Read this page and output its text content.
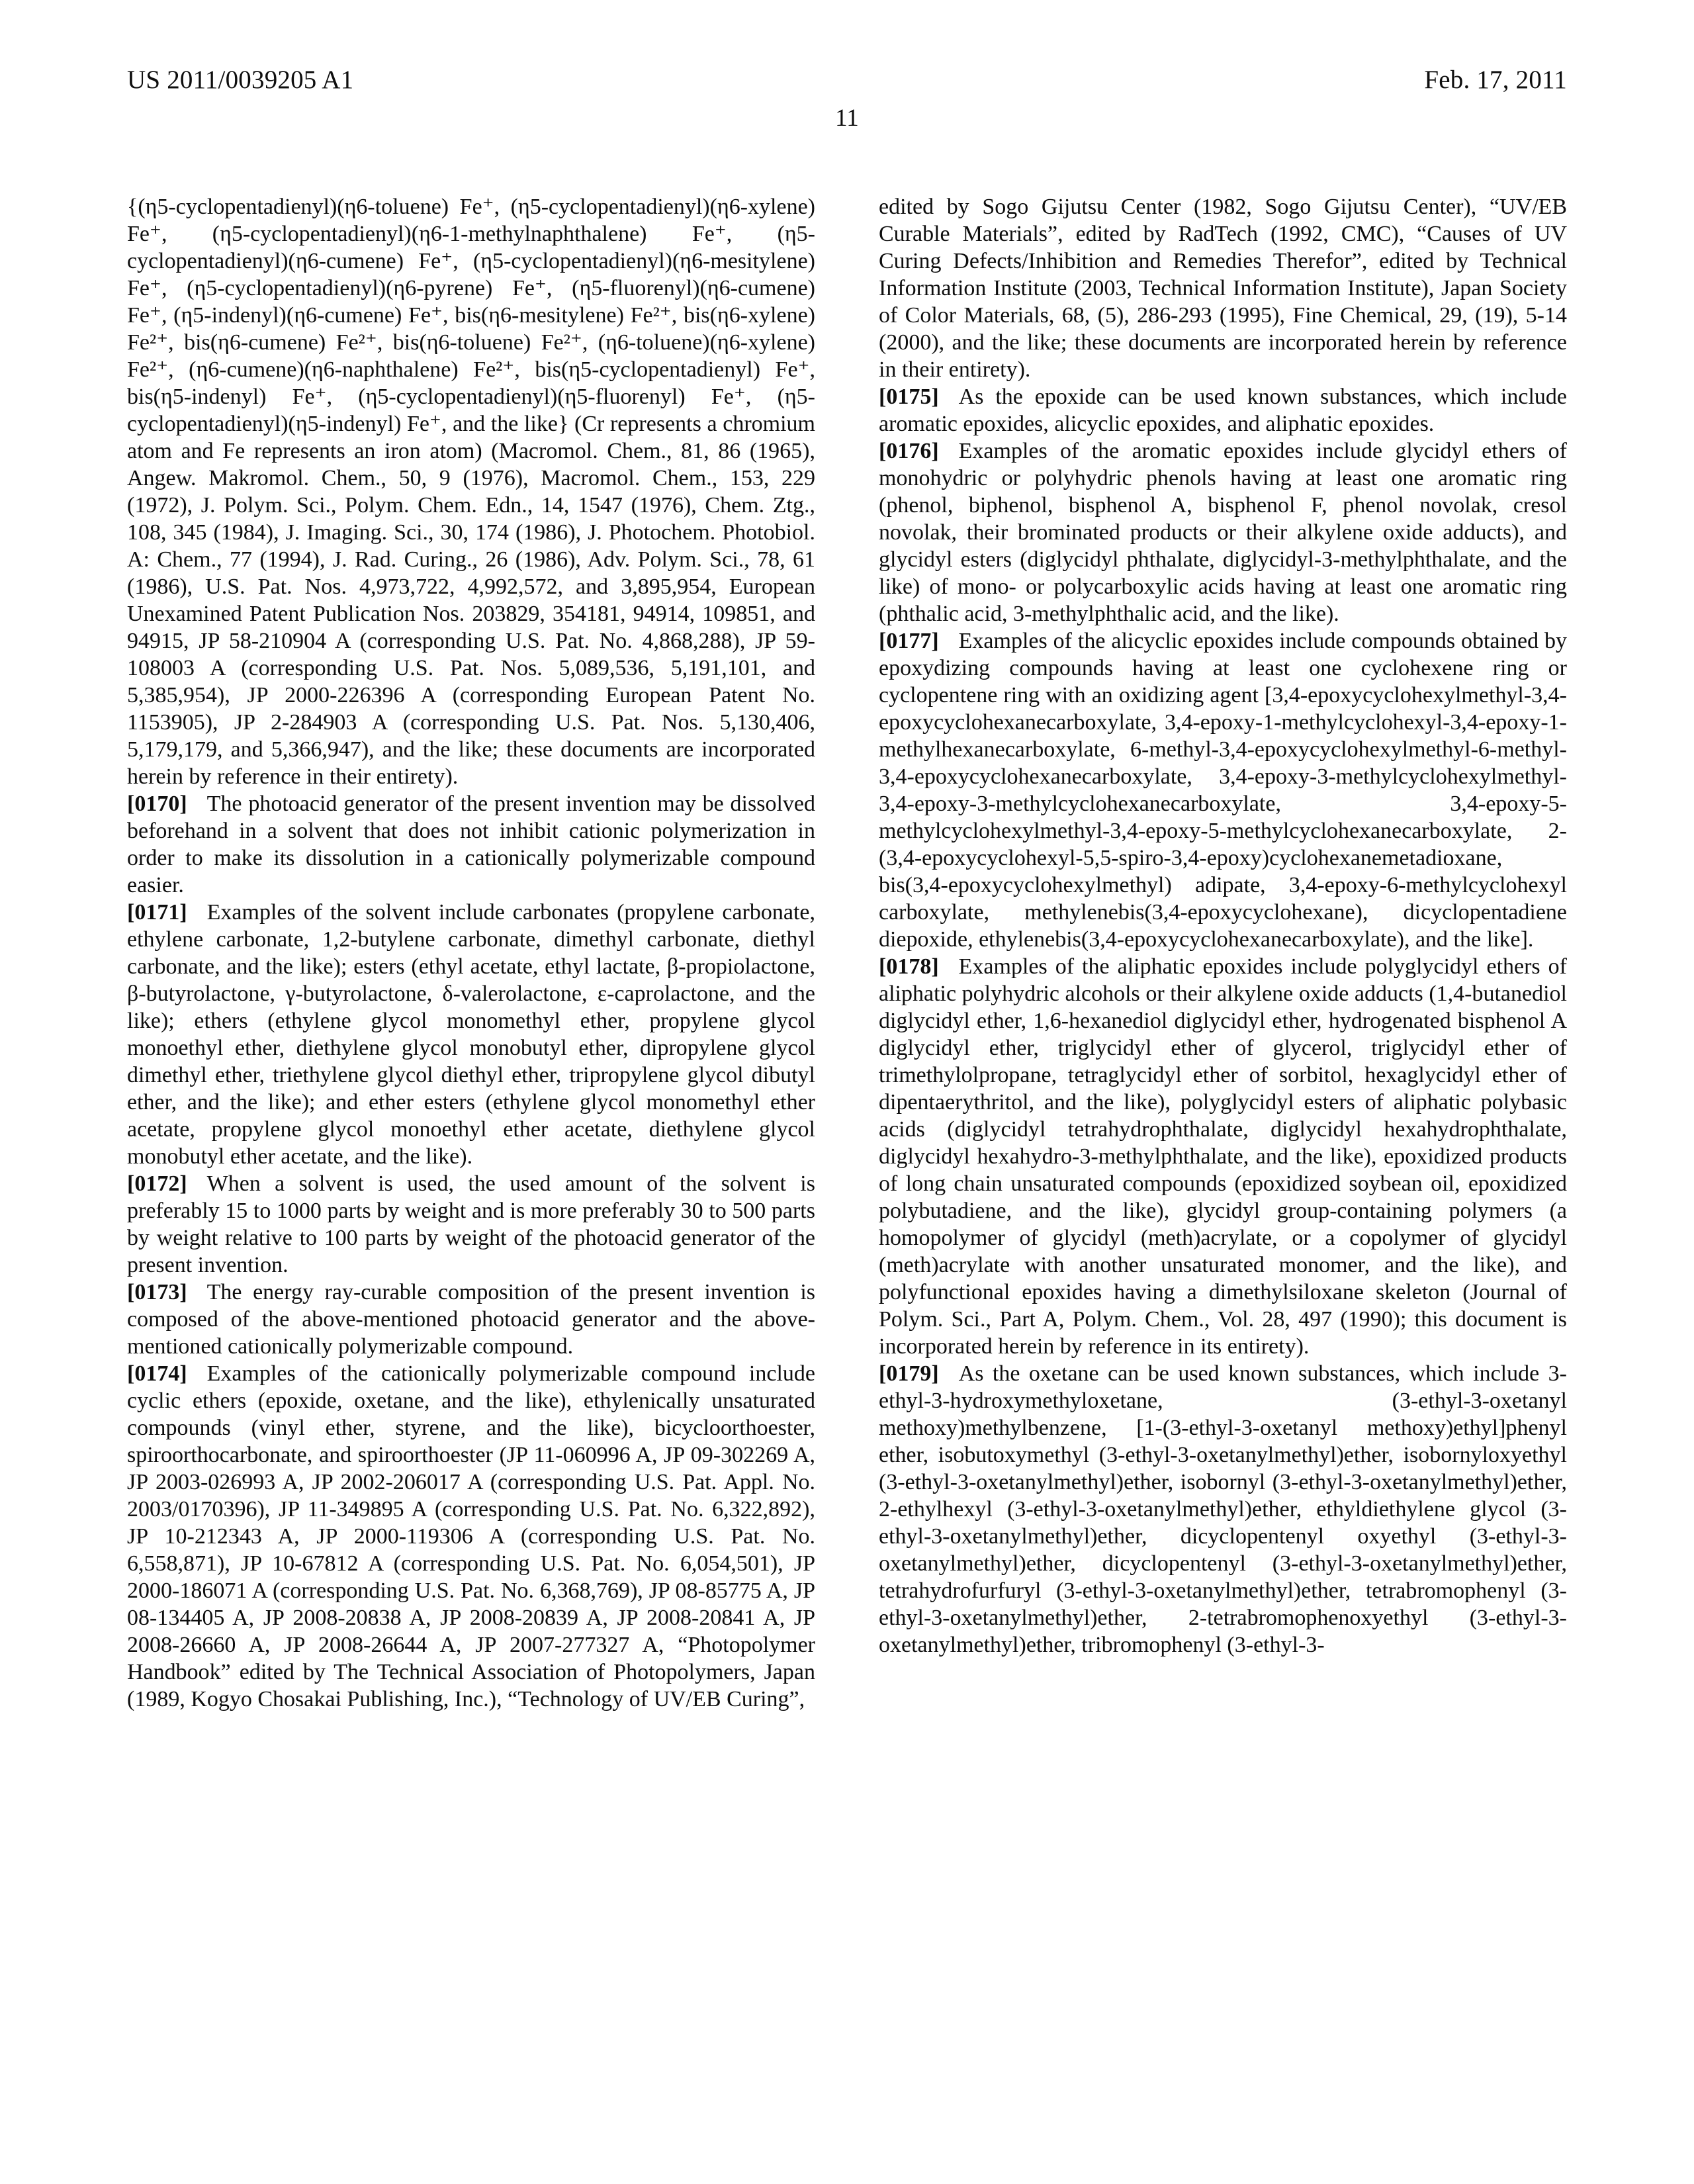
US 2011/0039205 A1	Feb. 17, 2011
11

{(η5-cyclopentadienyl)(η6-toluene) Fe⁺, (η5-cyclopentadienyl)(η6-xylene) Fe⁺, (η5-cyclopentadienyl)(η6-1-methylnaphthalene) Fe⁺, (η5-cyclopentadienyl)(η6-cumene) Fe⁺, (η5-cyclopentadienyl)(η6-mesitylene) Fe⁺, (η5-cyclopentadienyl)(η6-pyrene) Fe⁺, (η5-fluorenyl)(η6-cumene) Fe⁺, (η5-indenyl)(η6-cumene) Fe⁺, bis(η6-mesitylene) Fe²⁺, bis(η6-xylene) Fe²⁺, bis(η6-cumene) Fe²⁺, bis(η6-toluene) Fe²⁺, (η6-toluene)(η6-xylene) Fe²⁺, (η6-cumene)(η6-naphthalene) Fe²⁺, bis(η5-cyclopentadienyl) Fe⁺, bis(η5-indenyl) Fe⁺, (η5-cyclopentadienyl)(η5-fluorenyl) Fe⁺, (η5-cyclopentadienyl)(η5-indenyl) Fe⁺, and the like} (Cr represents a chromium atom and Fe represents an iron atom) (Macromol. Chem., 81, 86 (1965), Angew. Makromol. Chem., 50, 9 (1976), Macromol. Chem., 153, 229 (1972), J. Polym. Sci., Polym. Chem. Edn., 14, 1547 (1976), Chem. Ztg., 108, 345 (1984), J. Imaging. Sci., 30, 174 (1986), J. Photochem. Photobiol. A: Chem., 77 (1994), J. Rad. Curing., 26 (1986), Adv. Polym. Sci., 78, 61 (1986), U.S. Pat. Nos. 4,973,722, 4,992,572, and 3,895,954, European Unexamined Patent Publication Nos. 203829, 354181, 94914, 109851, and 94915, JP 58-210904 A (corresponding U.S. Pat. No. 4,868,288), JP 59-108003 A (corresponding U.S. Pat. Nos. 5,089,536, 5,191,101, and 5,385,954), JP 2000-226396 A (corresponding European Patent No. 1153905), JP 2-284903 A (corresponding U.S. Pat. Nos. 5,130,406, 5,179,179, and 5,366,947), and the like; these documents are incorporated herein by reference in their entirety).

[0170] The photoacid generator of the present invention may be dissolved beforehand in a solvent that does not inhibit cationic polymerization in order to make its dissolution in a cationically polymerizable compound easier.

[0171] Examples of the solvent include carbonates (propylene carbonate, ethylene carbonate, 1,2-butylene carbonate, dimethyl carbonate, diethyl carbonate, and the like); esters (ethyl acetate, ethyl lactate, β-propiolactone, β-butyrolactone, γ-butyrolactone, δ-valerolactone, ε-caprolactone, and the like); ethers (ethylene glycol monomethyl ether, propylene glycol monoethyl ether, diethylene glycol monobutyl ether, dipropylene glycol dimethyl ether, triethylene glycol diethyl ether, tripropylene glycol dibutyl ether, and the like); and ether esters (ethylene glycol monomethyl ether acetate, propylene glycol monoethyl ether acetate, diethylene glycol monobutyl ether acetate, and the like).

[0172] When a solvent is used, the used amount of the solvent is preferably 15 to 1000 parts by weight and is more preferably 30 to 500 parts by weight relative to 100 parts by weight of the photoacid generator of the present invention.

[0173] The energy ray-curable composition of the present invention is composed of the above-mentioned photoacid generator and the above-mentioned cationically polymerizable compound.

[0174] Examples of the cationically polymerizable compound include cyclic ethers (epoxide, oxetane, and the like), ethylenically unsaturated compounds (vinyl ether, styrene, and the like), bicycloorthoester, spiroorthocarbonate, and spiroorthoester (JP 11-060996 A, JP 09-302269 A, JP 2003-026993 A, JP 2002-206017 A (corresponding U.S. Pat. Appl. No. 2003/0170396), JP 11-349895 A (corresponding U.S. Pat. No. 6,322,892), JP 10-212343 A, JP 2000-119306 A (corresponding U.S. Pat. No. 6,558,871), JP 10-67812 A (corresponding U.S. Pat. No. 6,054,501), JP 2000-186071 A (corresponding U.S. Pat. No. 6,368,769), JP 08-85775 A, JP 08-134405 A, JP 2008-20838 A, JP 2008-20839 A, JP 2008-20841 A, JP 2008-26660 A, JP 2008-26644 A, JP 2007-277327 A, “Photopolymer Handbook” edited by The Technical Association of Photopolymers, Japan (1989, Kogyo Chosakai Publishing, Inc.), “Technology of UV/EB Curing”,

edited by Sogo Gijutsu Center (1982, Sogo Gijutsu Center), “UV/EB Curable Materials”, edited by RadTech (1992, CMC), “Causes of UV Curing Defects/Inhibition and Remedies Therefor”, edited by Technical Information Institute (2003, Technical Information Institute), Japan Society of Color Materials, 68, (5), 286-293 (1995), Fine Chemical, 29, (19), 5-14 (2000), and the like; these documents are incorporated herein by reference in their entirety).

[0175] As the epoxide can be used known substances, which include aromatic epoxides, alicyclic epoxides, and aliphatic epoxides.

[0176] Examples of the aromatic epoxides include glycidyl ethers of monohydric or polyhydric phenols having at least one aromatic ring (phenol, biphenol, bisphenol A, bisphenol F, phenol novolak, cresol novolak, their brominated products or their alkylene oxide adducts), and glycidyl esters (diglycidyl phthalate, diglycidyl-3-methylphthalate, and the like) of mono- or polycarboxylic acids having at least one aromatic ring (phthalic acid, 3-methylphthalic acid, and the like).

[0177] Examples of the alicyclic epoxides include compounds obtained by epoxydizing compounds having at least one cyclohexene ring or cyclopentene ring with an oxidizing agent [3,4-epoxycyclohexylmethyl-3,4-epoxycyclohexanecarboxylate, 3,4-epoxy-1-methylcyclohexyl-3,4-epoxy-1-methylhexanecarboxylate, 6-methyl-3,4-epoxycyclohexylmethyl-6-methyl-3,4-epoxycyclohexanecarboxylate, 3,4-epoxy-3-methylcyclohexylmethyl-3,4-epoxy-3-methylcyclohexanecarboxylate, 3,4-epoxy-5-methylcyclohexylmethyl-3,4-epoxy-5-methylcyclohexanecarboxylate, 2-(3,4-epoxycyclohexyl-5,5-spiro-3,4-epoxy)cyclohexanemetadioxane, bis(3,4-epoxycyclohexylmethyl) adipate, 3,4-epoxy-6-methylcyclohexyl carboxylate, methylenebis(3,4-epoxycyclohexane), dicyclopentadiene diepoxide, ethylenebis(3,4-epoxycyclohexanecarboxylate), and the like].

[0178] Examples of the aliphatic epoxides include polyglycidyl ethers of aliphatic polyhydric alcohols or their alkylene oxide adducts (1,4-butanediol diglycidyl ether, 1,6-hexanediol diglycidyl ether, hydrogenated bisphenol A diglycidyl ether, triglycidyl ether of glycerol, triglycidyl ether of trimethylolpropane, tetraglycidyl ether of sorbitol, hexaglycidyl ether of dipentaerythritol, and the like), polyglycidyl esters of aliphatic polybasic acids (diglycidyl tetrahydrophthalate, diglycidyl hexahydrophthalate, diglycidyl hexahydro-3-methylphthalate, and the like), epoxidized products of long chain unsaturated compounds (epoxidized soybean oil, epoxidized polybutadiene, and the like), glycidyl group-containing polymers (a homopolymer of glycidyl (meth)acrylate, or a copolymer of glycidyl (meth)acrylate with another unsaturated monomer, and the like), and polyfunctional epoxides having a dimethylsiloxane skeleton (Journal of Polym. Sci., Part A, Polym. Chem., Vol. 28, 497 (1990); this document is incorporated herein by reference in its entirety).

[0179] As the oxetane can be used known substances, which include 3-ethyl-3-hydroxymethyloxetane, (3-ethyl-3-oxetanyl methoxy)methylbenzene, [1-(3-ethyl-3-oxetanyl methoxy)ethyl]phenyl ether, isobutoxymethyl (3-ethyl-3-oxetanylmethyl)ether, isobornyloxyethyl (3-ethyl-3-oxetanylmethyl)ether, isobornyl (3-ethyl-3-oxetanylmethyl)ether, 2-ethylhexyl (3-ethyl-3-oxetanylmethyl)ether, ethyldiethylene glycol (3-ethyl-3-oxetanylmethyl)ether, dicyclopentenyl oxyethyl (3-ethyl-3-oxetanylmethyl)ether, dicyclopentenyl (3-ethyl-3-oxetanylmethyl)ether, tetrahydrofurfuryl (3-ethyl-3-oxetanylmethyl)ether, tetrabromophenyl (3-ethyl-3-oxetanylmethyl)ether, 2-tetrabromophenoxyethyl (3-ethyl-3-oxetanylmethyl)ether, tribromophenyl (3-ethyl-3-
